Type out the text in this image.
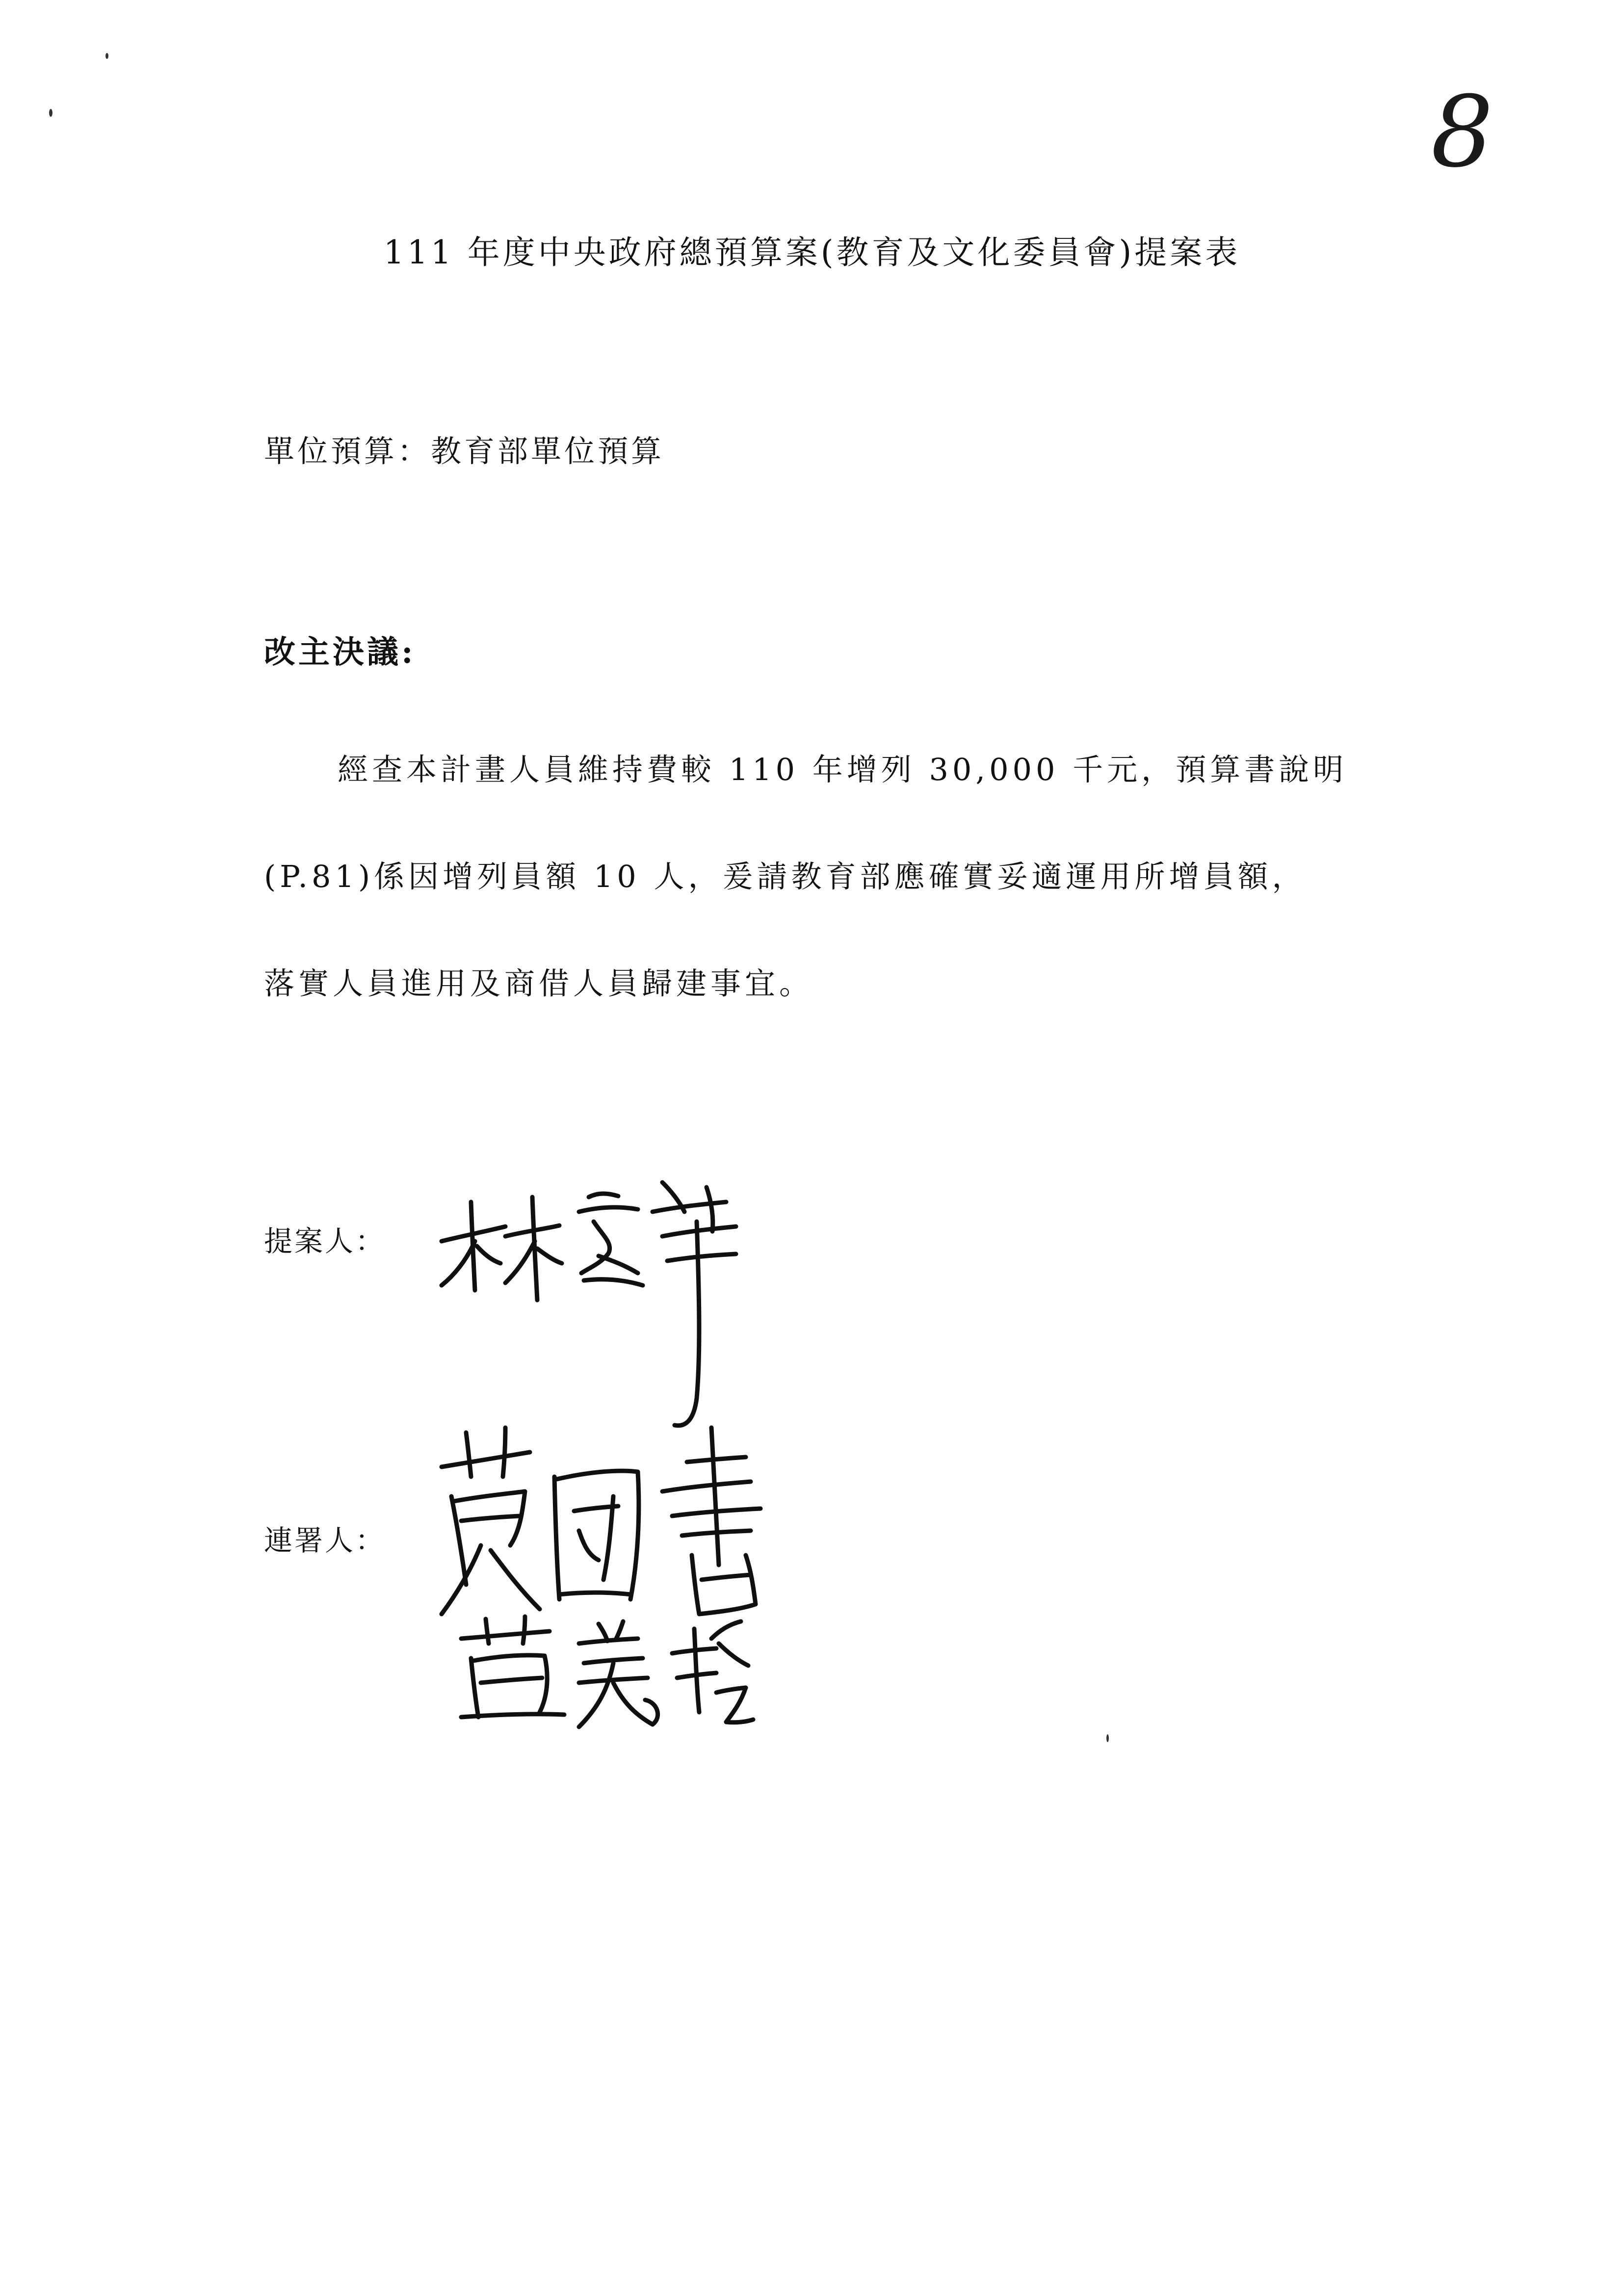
8
111 年度中央政府總預算案(教育及文化委員會)提案表
單位預算：教育部單位預算
改主決議:

經查本計畫人員維持費較 110 年增列 30,000 千元，預算書說明

(P.81)係因增列員額 10 人，爰請教育部應確實妥適運用所增員額，

落實人員進用及商借人員歸建事宜。

提案人：
連署人：
